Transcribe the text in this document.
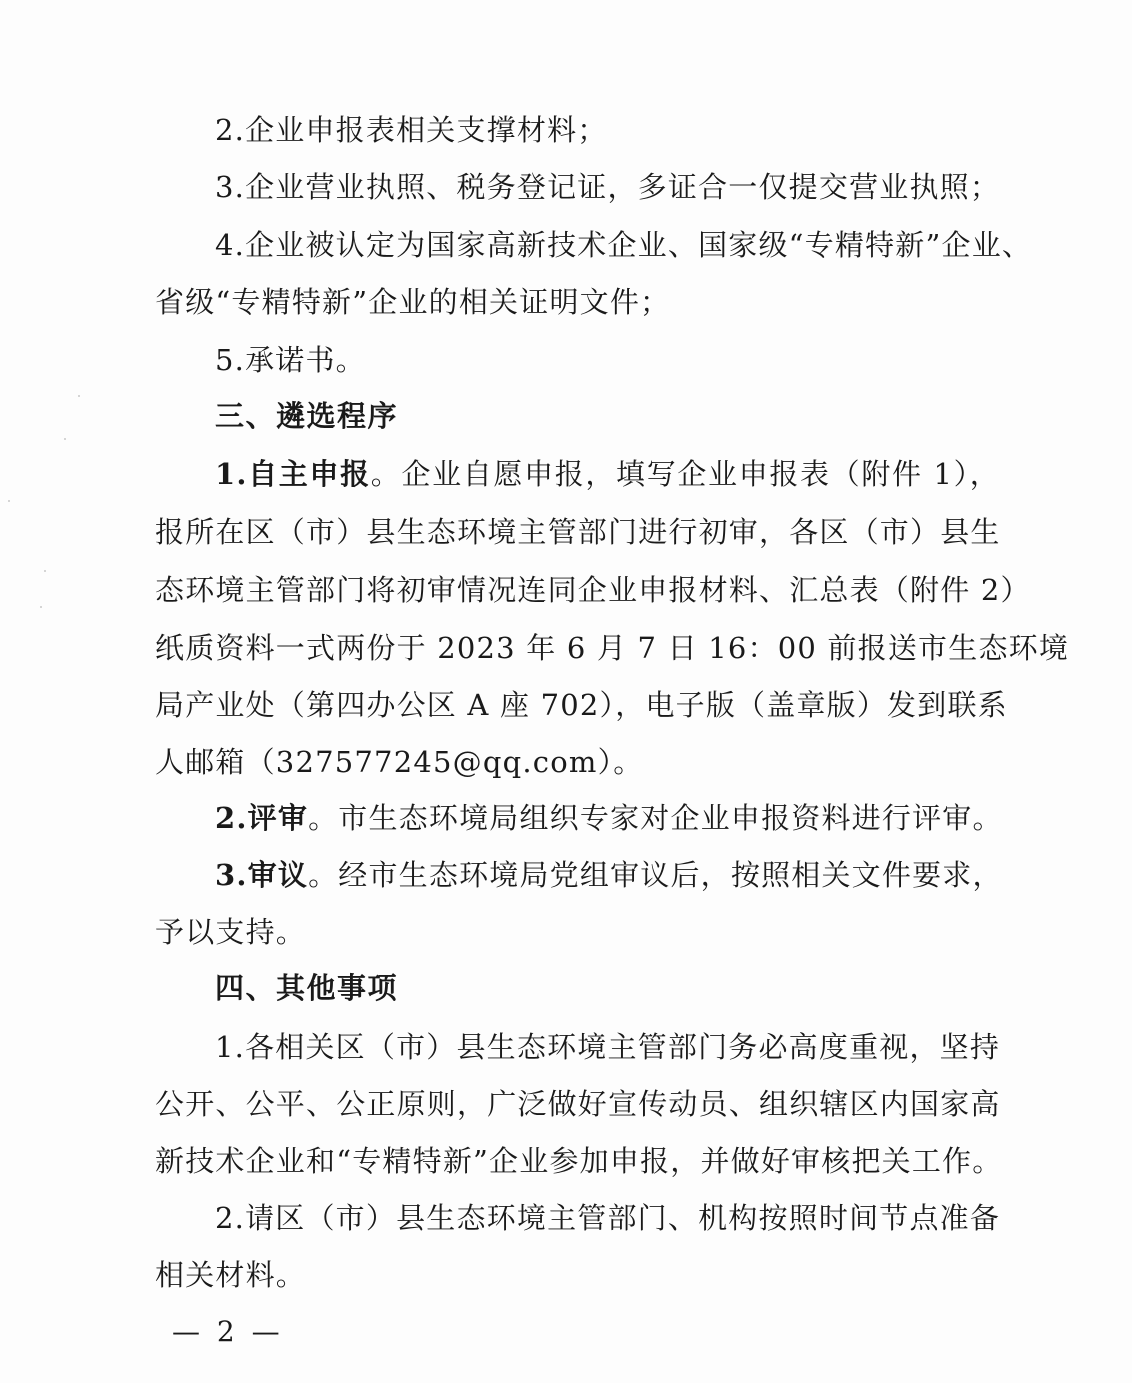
2.企业申报表相关支撑材料；
3.企业营业执照、税务登记证，多证合一仅提交营业执照；
4.企业被认定为国家高新技术企业、国家级“专精特新”企业、
省级“专精特新”企业的相关证明文件；
5.承诺书。
三、遴选程序
1.自主申报。企业自愿申报，填写企业申报表（附件 1），
报所在区（市）县生态环境主管部门进行初审，各区（市）县生
态环境主管部门将初审情况连同企业申报材料、汇总表（附件 2）
纸质资料一式两份于 2023 年 6 月 7 日 16：00 前报送市生态环境
局产业处（第四办公区 A 座 702），电子版（盖章版）发到联系
人邮箱（327577245@qq.com）。
2.评审。市生态环境局组织专家对企业申报资料进行评审。
3.审议。经市生态环境局党组审议后，按照相关文件要求，
予以支持。
四、其他事项
1.各相关区（市）县生态环境主管部门务必高度重视，坚持
公开、公平、公正原则，广泛做好宣传动员、组织辖区内国家高
新技术企业和“专精特新”企业参加申报，并做好审核把关工作。
2.请区（市）县生态环境主管部门、机构按照时间节点准备
相关材料。
— 2 —
